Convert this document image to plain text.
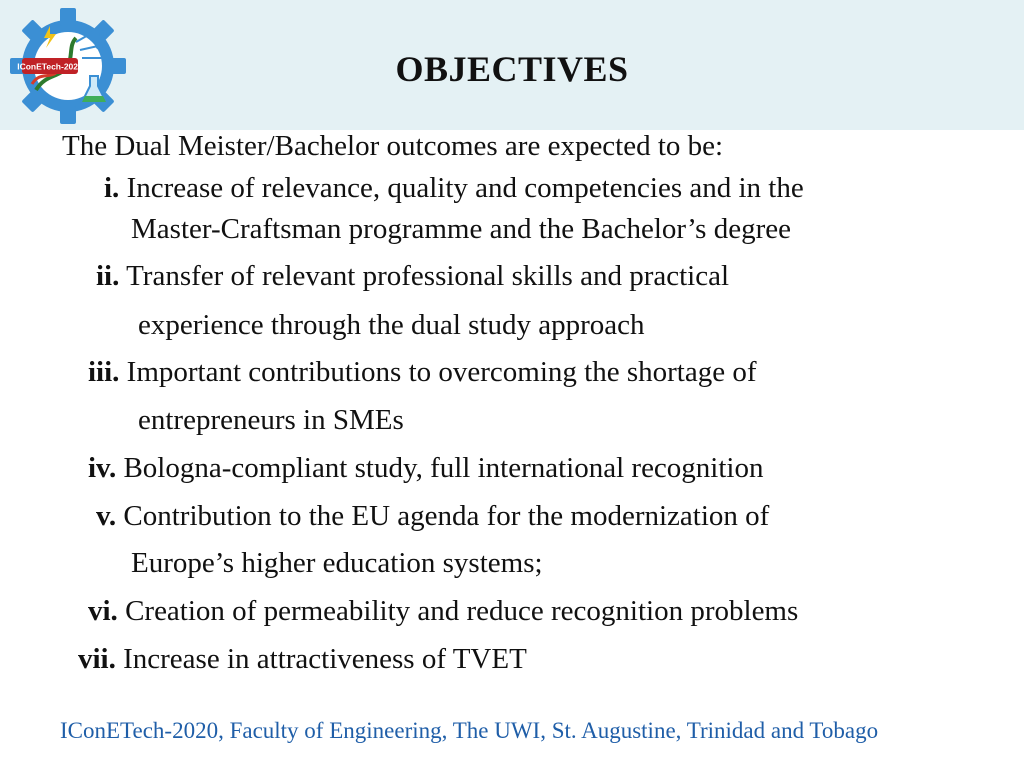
IConETech-2020	OBJECTIVES
The Dual Meister/Bachelor outcomes are expected to be:
i. Increase of relevance, quality and competencies and in the
Master-Craftsman programme and the Bachelor’s degree
ii. Transfer of relevant professional skills and practical
experience through the dual study approach
iii. Important contributions to overcoming the shortage of
entrepreneurs in SMEs
iv. Bologna-compliant study, full international recognition
v. Contribution to the EU agenda for the modernization of
Europe’s higher education systems;
vi. Creation of permeability and reduce recognition problems
vii. Increase in attractiveness of TVET
IConETech-2020, Faculty of Engineering, The UWI, St. Augustine, Trinidad and Tobago
